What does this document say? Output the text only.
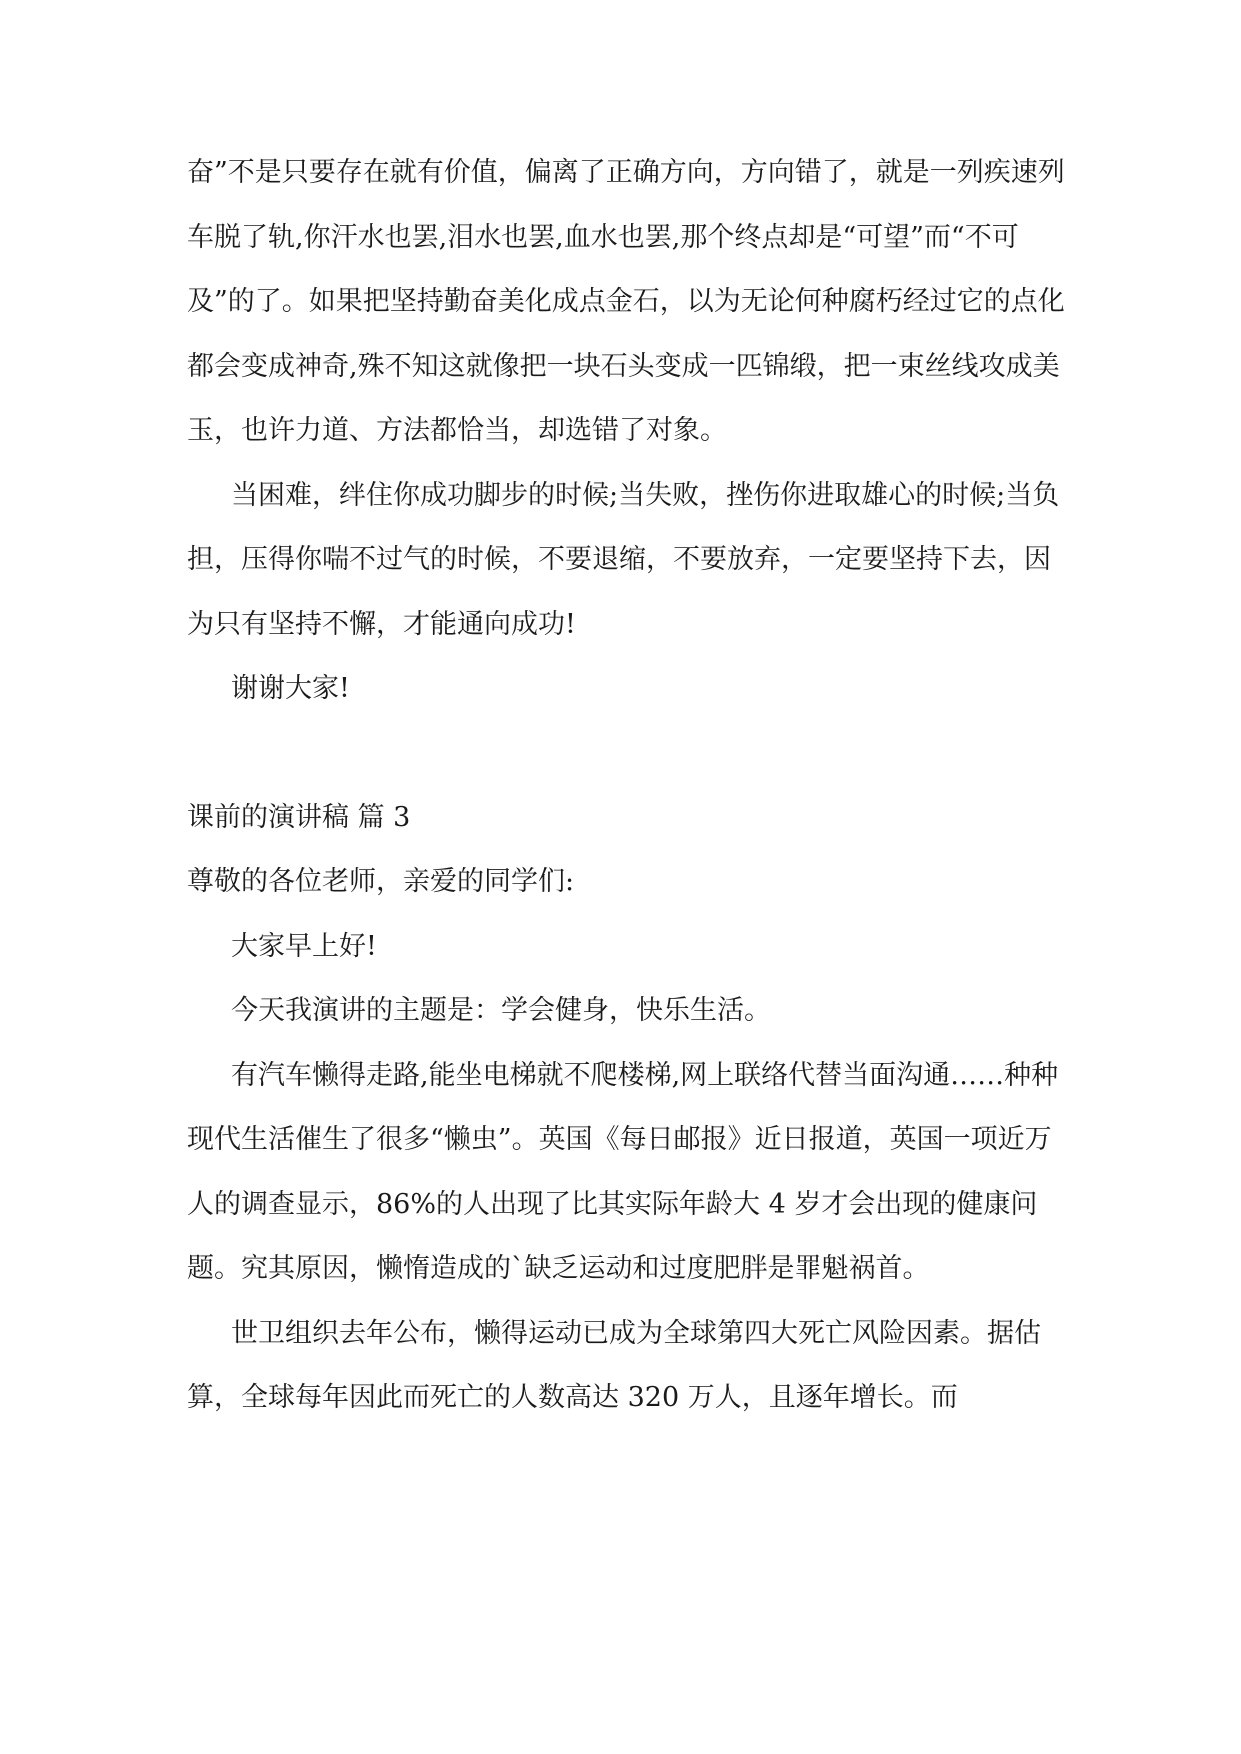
奋”不是只要存在就有价值，偏离了正确方向，方向错了，就是一列疾速列车脱了轨,你汗水也罢,泪水也罢,血水也罢,那个终点却是“可望”而“不可及”的了。如果把坚持勤奋美化成点金石，以为无论何种腐朽经过它的点化都会变成神奇,殊不知这就像把一块石头变成一匹锦缎，把一束丝线攻成美玉，也许力道、方法都恰当，却选错了对象。

当困难，绊住你成功脚步的时候;当失败，挫伤你进取雄心的时候;当负担，压得你喘不过气的时候，不要退缩，不要放弃，一定要坚持下去，因为只有坚持不懈，才能通向成功!

谢谢大家!

课前的演讲稿 篇 3

尊敬的各位老师，亲爱的同学们:

大家早上好!

今天我演讲的主题是：学会健身，快乐生活。

有汽车懒得走路,能坐电梯就不爬楼梯,网上联络代替当面沟通……种种现代生活催生了很多“懒虫”。英国《每日邮报》近日报道，英国一项近万人的调查显示，86%的人出现了比其实际年龄大 4 岁才会出现的健康问题。究其原因，懒惰造成的`缺乏运动和过度肥胖是罪魁祸首。

世卫组织去年公布，懒得运动已成为全球第四大死亡风险因素。据估算，全球每年因此而死亡的人数高达 320 万人，且逐年增长。而
